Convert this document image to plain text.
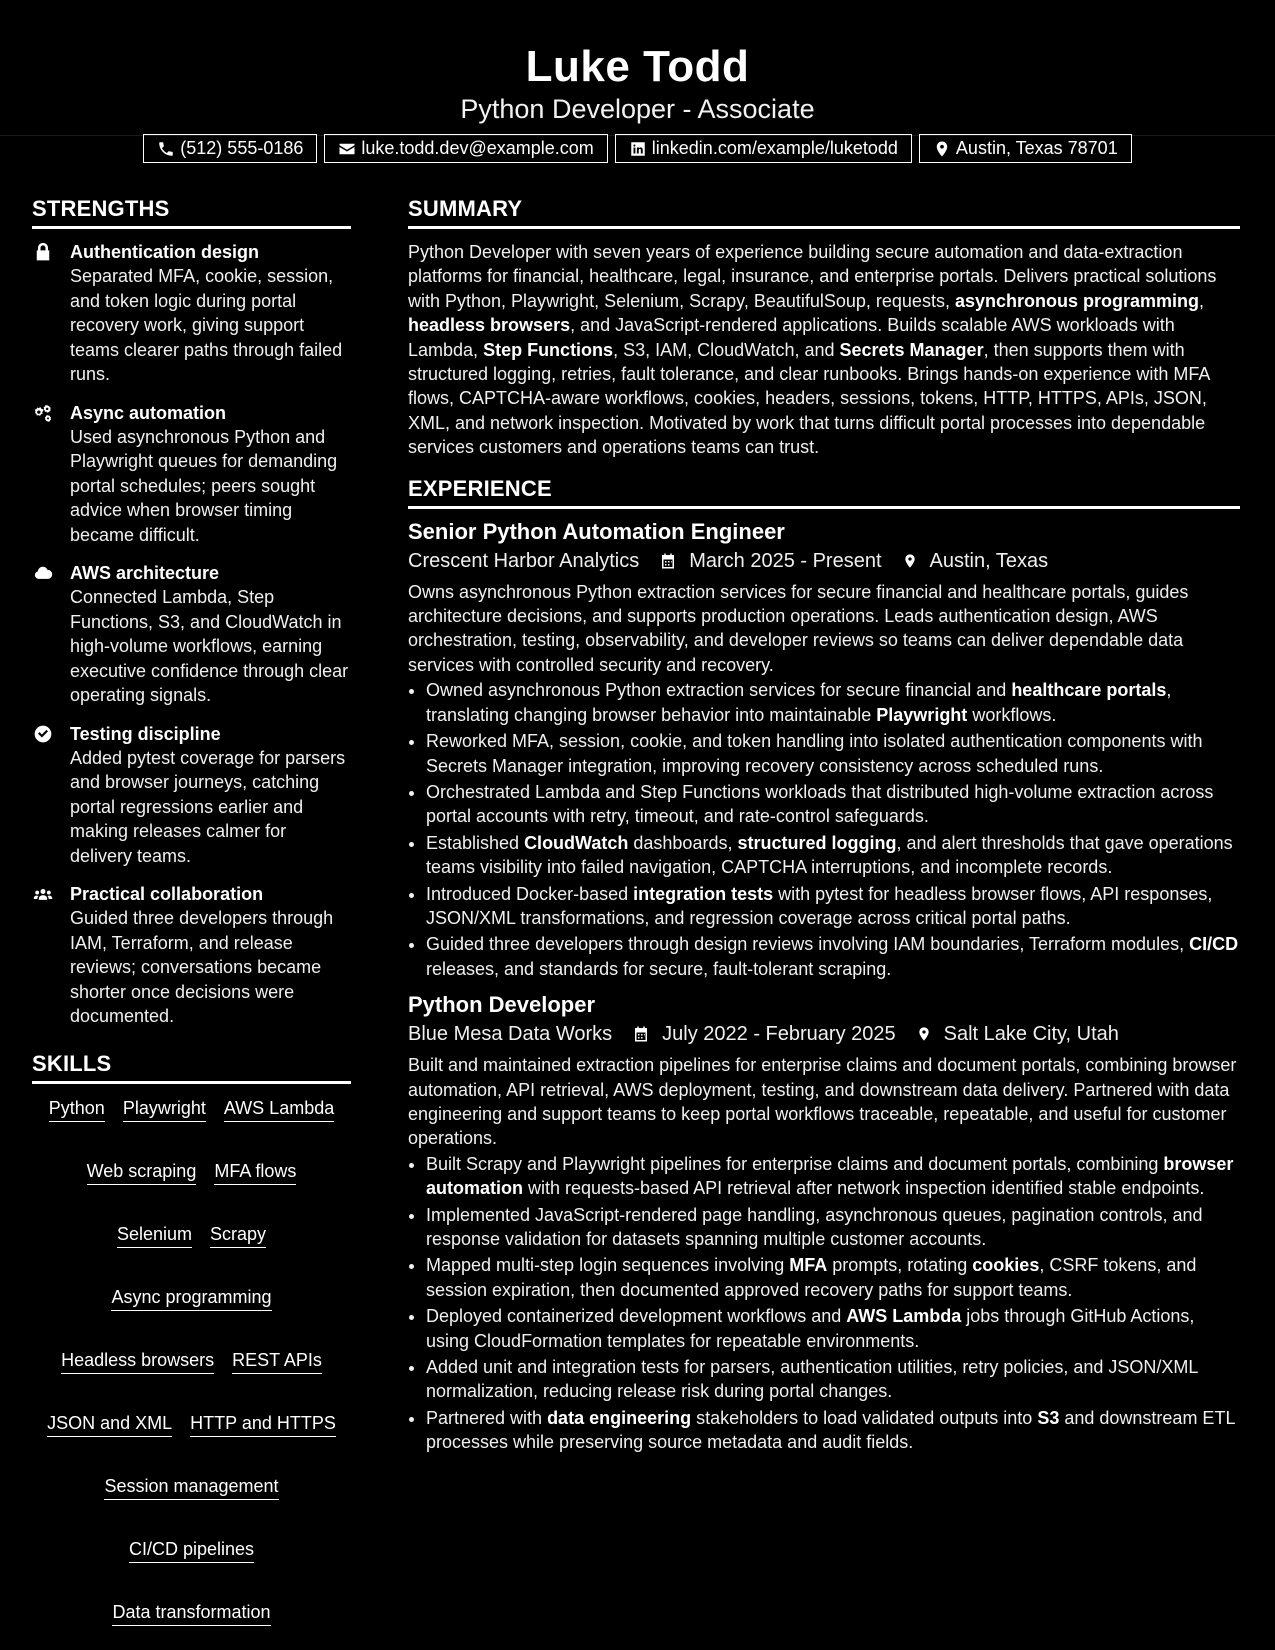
Luke Todd
Python Developer - Associate
(512) 555-0186	luke.todd.dev@example.com	linkedin.com/example/luketodd	Austin, Texas 78701
STRENGTHS
Authentication design
Separated MFA, cookie, session, and token logic during portal recovery work, giving support teams clearer paths through failed runs.
Async automation
Used asynchronous Python and Playwright queues for demanding portal schedules; peers sought advice when browser timing became difficult.
AWS architecture
Connected Lambda, Step Functions, S3, and CloudWatch in high-volume workflows, earning executive confidence through clear operating signals.
Testing discipline
Added pytest coverage for parsers and browser journeys, catching portal regressions earlier and making releases calmer for delivery teams.
Practical collaboration
Guided three developers through IAM, Terraform, and release reviews; conversations became shorter once decisions were documented.
SKILLS
Python Playwright AWS Lambda
Web scraping MFA flows
Selenium Scrapy
Async programming
Headless browsers REST APIs
JSON and XML HTTP and HTTPS
Session management
CI/CD pipelines
Data transformation
SUMMARY
Python Developer with seven years of experience building secure automation and data-extraction platforms for financial, healthcare, legal, insurance, and enterprise portals. Delivers practical solutions with Python, Playwright, Selenium, Scrapy, BeautifulSoup, requests, asynchronous programming, headless browsers, and JavaScript-rendered applications. Builds scalable AWS workloads with Lambda, Step Functions, S3, IAM, CloudWatch, and Secrets Manager, then supports them with structured logging, retries, fault tolerance, and clear runbooks. Brings hands-on experience with MFA flows, CAPTCHA-aware workflows, cookies, headers, sessions, tokens, HTTP, HTTPS, APIs, JSON, XML, and network inspection. Motivated by work that turns difficult portal processes into dependable services customers and operations teams can trust.
EXPERIENCE
Senior Python Automation Engineer
Crescent Harbor Analytics	March 2025 - Present Austin, Texas
Owns asynchronous Python extraction services for secure financial and healthcare portals, guides architecture decisions, and supports production operations. Leads authentication design, AWS orchestration, testing, observability, and developer reviews so teams can deliver dependable data services with controlled security and recovery.
• Owned asynchronous Python extraction services for secure financial and healthcare portals, translating changing browser behavior into maintainable Playwright workflows.
• Reworked MFA, session, cookie, and token handling into isolated authentication components with Secrets Manager integration, improving recovery consistency across scheduled runs.
• Orchestrated Lambda and Step Functions workloads that distributed high-volume extraction across portal accounts with retry, timeout, and rate-control safeguards.
• Established CloudWatch dashboards, structured logging, and alert thresholds that gave operations teams visibility into failed navigation, CAPTCHA interruptions, and incomplete records.
• Introduced Docker-based integration tests with pytest for headless browser flows, API responses, JSON/XML transformations, and regression coverage across critical portal paths.
• Guided three developers through design reviews involving IAM boundaries, Terraform modules, CI/CD releases, and standards for secure, fault-tolerant scraping.
Python Developer
Blue Mesa Data Works	July 2022 - February 2025 Salt Lake City, Utah
Built and maintained extraction pipelines for enterprise claims and document portals, combining browser automation, API retrieval, AWS deployment, testing, and downstream data delivery. Partnered with data engineering and support teams to keep portal workflows traceable, repeatable, and useful for customer operations.
• Built Scrapy and Playwright pipelines for enterprise claims and document portals, combining browser automation with requests-based API retrieval after network inspection identified stable endpoints.
• Implemented JavaScript-rendered page handling, asynchronous queues, pagination controls, and response validation for datasets spanning multiple customer accounts.
• Mapped multi-step login sequences involving MFA prompts, rotating cookies, CSRF tokens, and session expiration, then documented approved recovery paths for support teams.
• Deployed containerized development workflows and AWS Lambda jobs through GitHub Actions, using CloudFormation templates for repeatable environments.
• Added unit and integration tests for parsers, authentication utilities, retry policies, and JSON/XML normalization, reducing release risk during portal changes.
• Partnered with data engineering stakeholders to load validated outputs into S3 and downstream ETL processes while preserving source metadata and audit fields.
